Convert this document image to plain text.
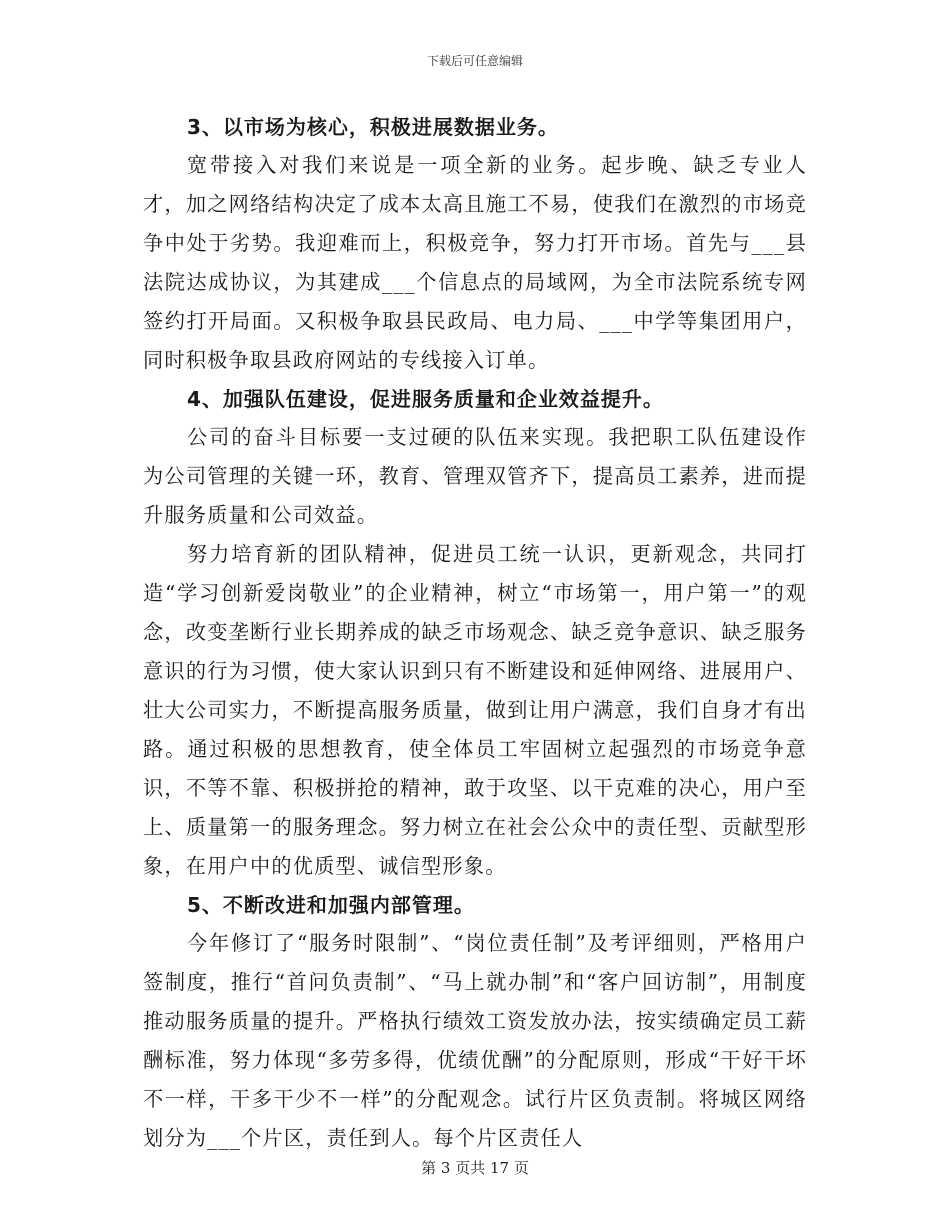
下载后可任意编辑

3、以市场为核心，积极进展数据业务。

宽带接入对我们来说是一项全新的业务。起步晚、缺乏专业人才，加之网络结构决定了成本太高且施工不易，使我们在激烈的市场竞争中处于劣势。我迎难而上，积极竞争，努力打开市场。首先与___县法院达成协议，为其建成___个信息点的局域网，为全市法院系统专网签约打开局面。又积极争取县民政局、电力局、___中学等集团用户，同时积极争取县政府网站的专线接入订单。

4、加强队伍建设，促进服务质量和企业效益提升。

公司的奋斗目标要一支过硬的队伍来实现。我把职工队伍建设作为公司管理的关键一环，教育、管理双管齐下，提高员工素养，进而提升服务质量和公司效益。

努力培育新的团队精神，促进员工统一认识，更新观念，共同打造“学习创新爱岗敬业”的企业精神，树立“市场第一，用户第一”的观念，改变垄断行业长期养成的缺乏市场观念、缺乏竞争意识、缺乏服务意识的行为习惯，使大家认识到只有不断建设和延伸网络、进展用户、壮大公司实力，不断提高服务质量，做到让用户满意，我们自身才有出路。通过积极的思想教育，使全体员工牢固树立起强烈的市场竞争意识，不等不靠、积极拼抢的精神，敢于攻坚、以干克难的决心，用户至上、质量第一的服务理念。努力树立在社会公众中的责任型、贡献型形象，在用户中的优质型、诚信型形象。

5、不断改进和加强内部管理。

今年修订了“服务时限制”、“岗位责任制”及考评细则，严格用户签制度，推行“首问负责制”、“马上就办制”和“客户回访制”，用制度推动服务质量的提升。严格执行绩效工资发放办法，按实绩确定员工薪酬标准，努力体现“多劳多得，优绩优酬”的分配原则，形成“干好干坏不一样，干多干少不一样”的分配观念。试行片区负责制。将城区网络划分为___个片区，责任到人。每个片区责任人

第 3 页共 17 页
